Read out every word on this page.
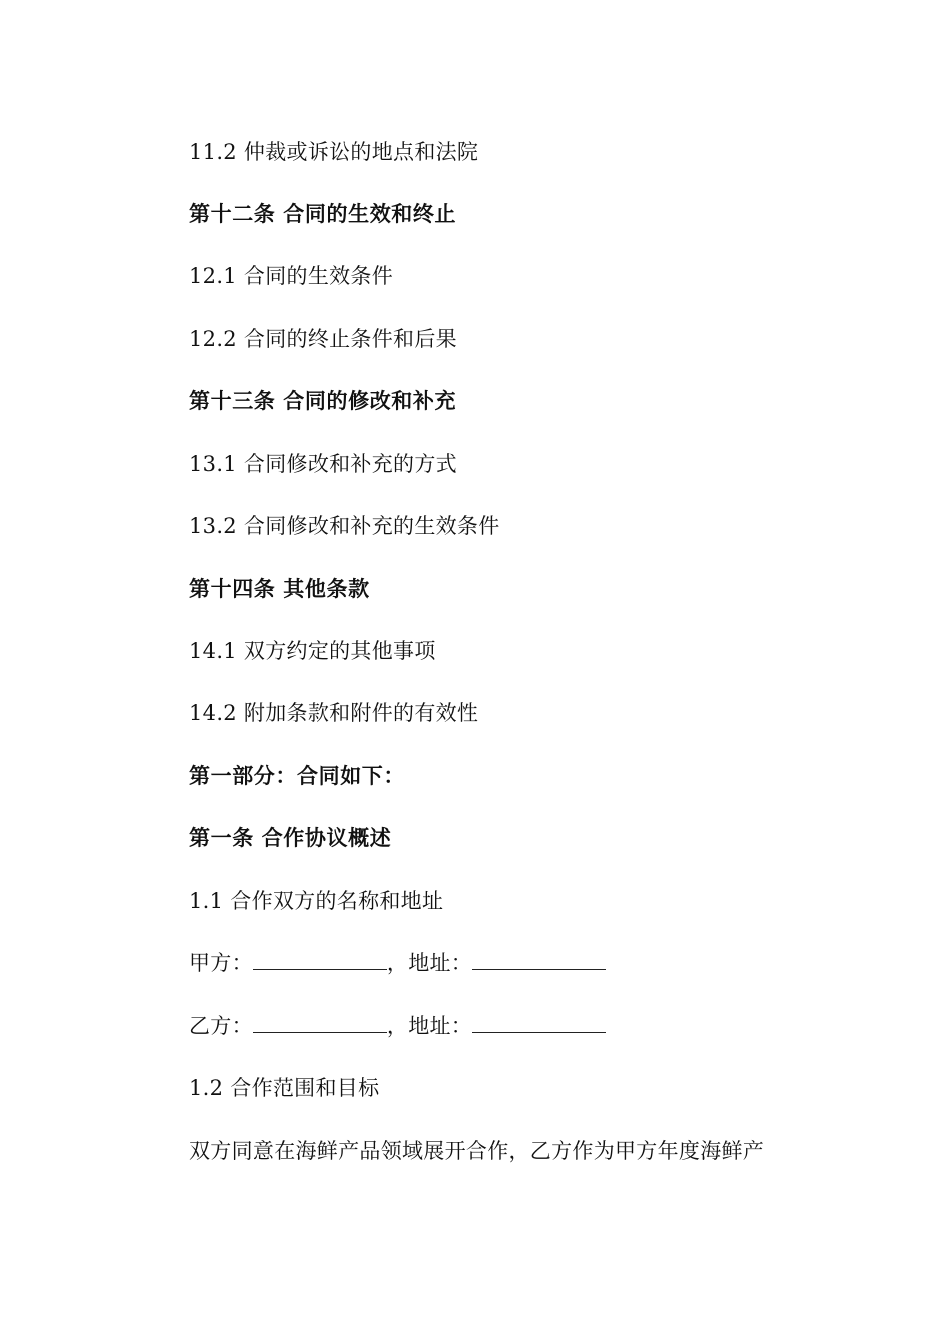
11.2 仲裁或诉讼的地点和法院
第十二条 合同的生效和终止
12.1 合同的生效条件
12.2 合同的终止条件和后果
第十三条 合同的修改和补充
13.1 合同修改和补充的方式
13.2 合同修改和补充的生效条件
第十四条 其他条款
14.1 双方约定的其他事项
14.2 附加条款和附件的有效性
第一部分：合同如下：
第一条 合作协议概述
1.1 合作双方的名称和地址
甲方：	，地址：
乙方：	，地址：
1.2 合作范围和目标
双方同意在海鲜产品领域展开合作，乙方作为甲方年度海鲜产
